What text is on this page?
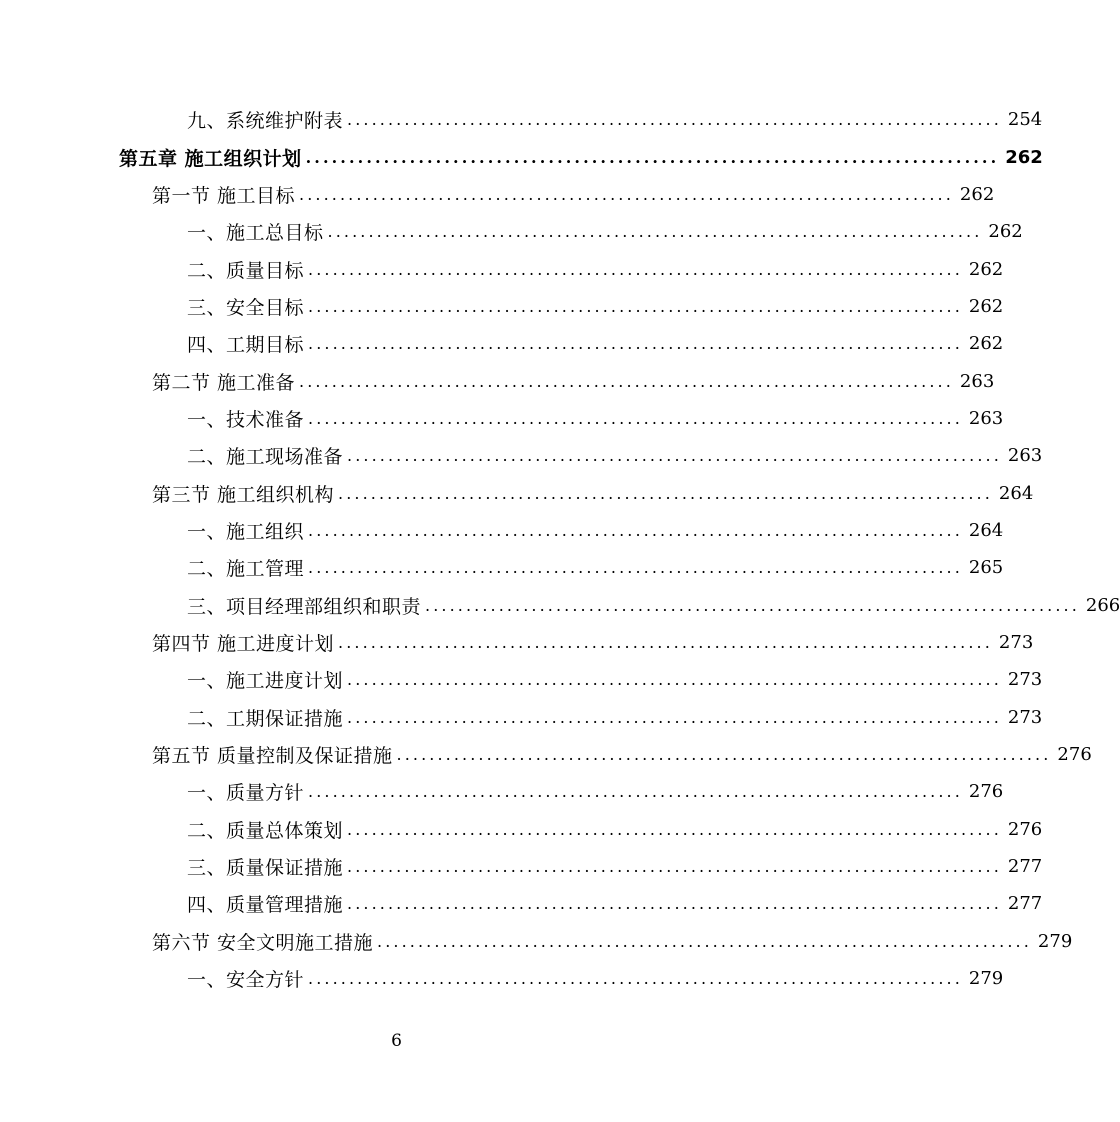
九、系统维护附表 ................................................................................ 254
第五章 施工组织计划 ................................................................................ 262
第一节 施工目标 ................................................................................ 262
一、施工总目标 ................................................................................ 262
二、质量目标 ................................................................................ 262
三、安全目标 ................................................................................ 262
四、工期目标 ................................................................................ 262
第二节 施工准备 ................................................................................ 263
一、技术准备 ................................................................................ 263
二、施工现场准备 ................................................................................ 263
第三节 施工组织机构 ................................................................................ 264
一、施工组织 ................................................................................ 264
二、施工管理 ................................................................................ 265
三、项目经理部组织和职责 ................................................................................ 266
第四节 施工进度计划 ................................................................................ 273
一、施工进度计划 ................................................................................ 273
二、工期保证措施 ................................................................................ 273
第五节 质量控制及保证措施 ................................................................................ 276
一、质量方针 ................................................................................ 276
二、质量总体策划 ................................................................................ 276
三、质量保证措施 ................................................................................ 277
四、质量管理措施 ................................................................................ 277
第六节 安全文明施工措施 ................................................................................ 279
一、安全方针 ................................................................................ 279
6
